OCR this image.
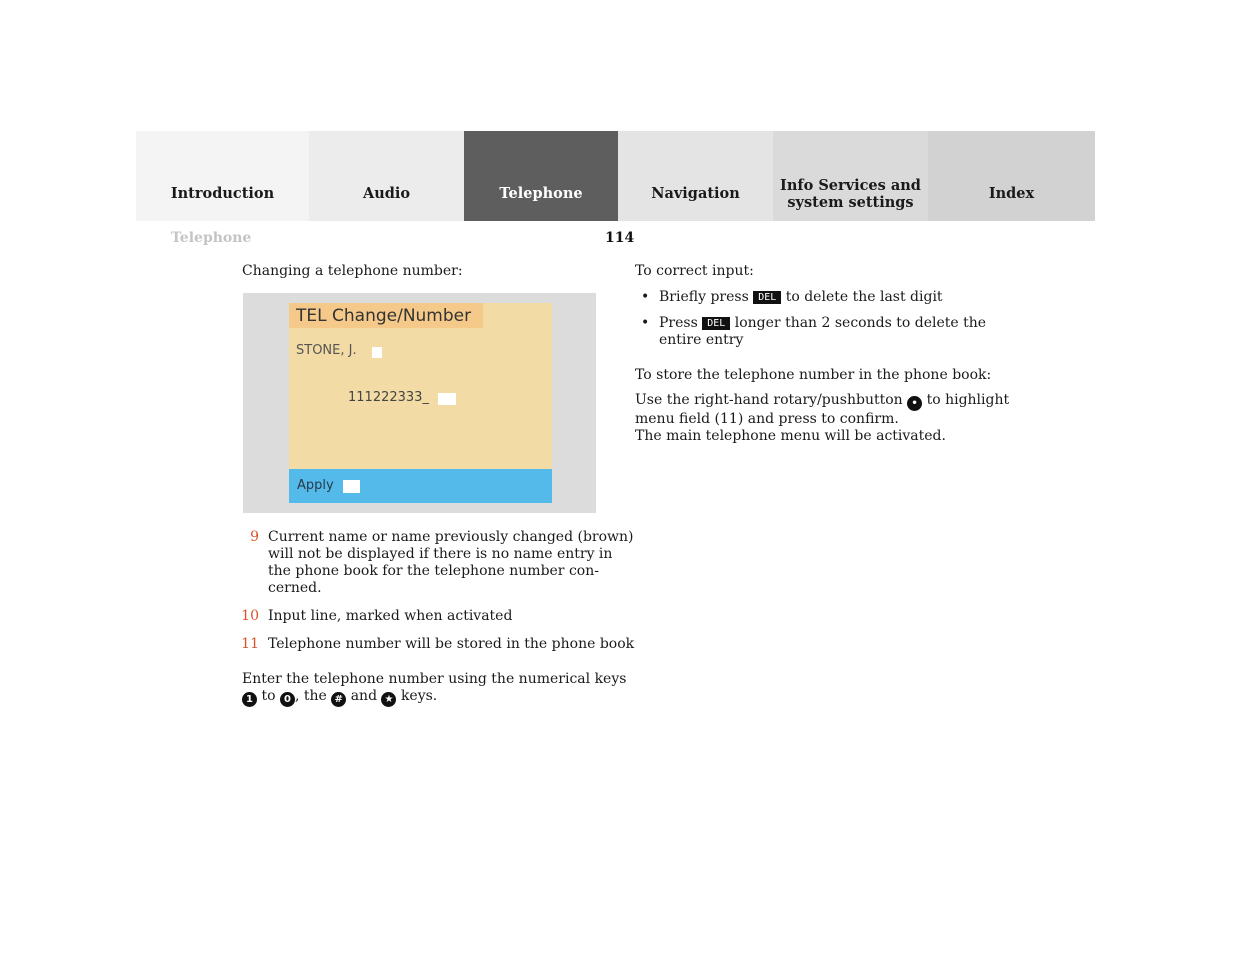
Introduction	Audio	Telephone	Navigation	Info Services and
system settings
Index
Telephone	114
Changing a telephone number:
TEL Change/Number
STONE, J.
111222333_
Apply
9 Current name or name previously changed (brown)
will not be displayed if there is no name entry in
the phone book for the telephone number con-
cerned.
10 Input line, marked when activated
11 Telephone number will be stored in the phone book
Enter the telephone number using the numerical keys
1 to 0 , the # and ★ keys.
To correct input:
• Briefly press DEL to delete the last digit
• Press DEL longer than 2 seconds to delete the
entire entry
To store the telephone number in the phone book:
Use the right-hand rotary/pushbutton • to highlight
menu field (11) and press to confirm.
The main telephone menu will be activated.
